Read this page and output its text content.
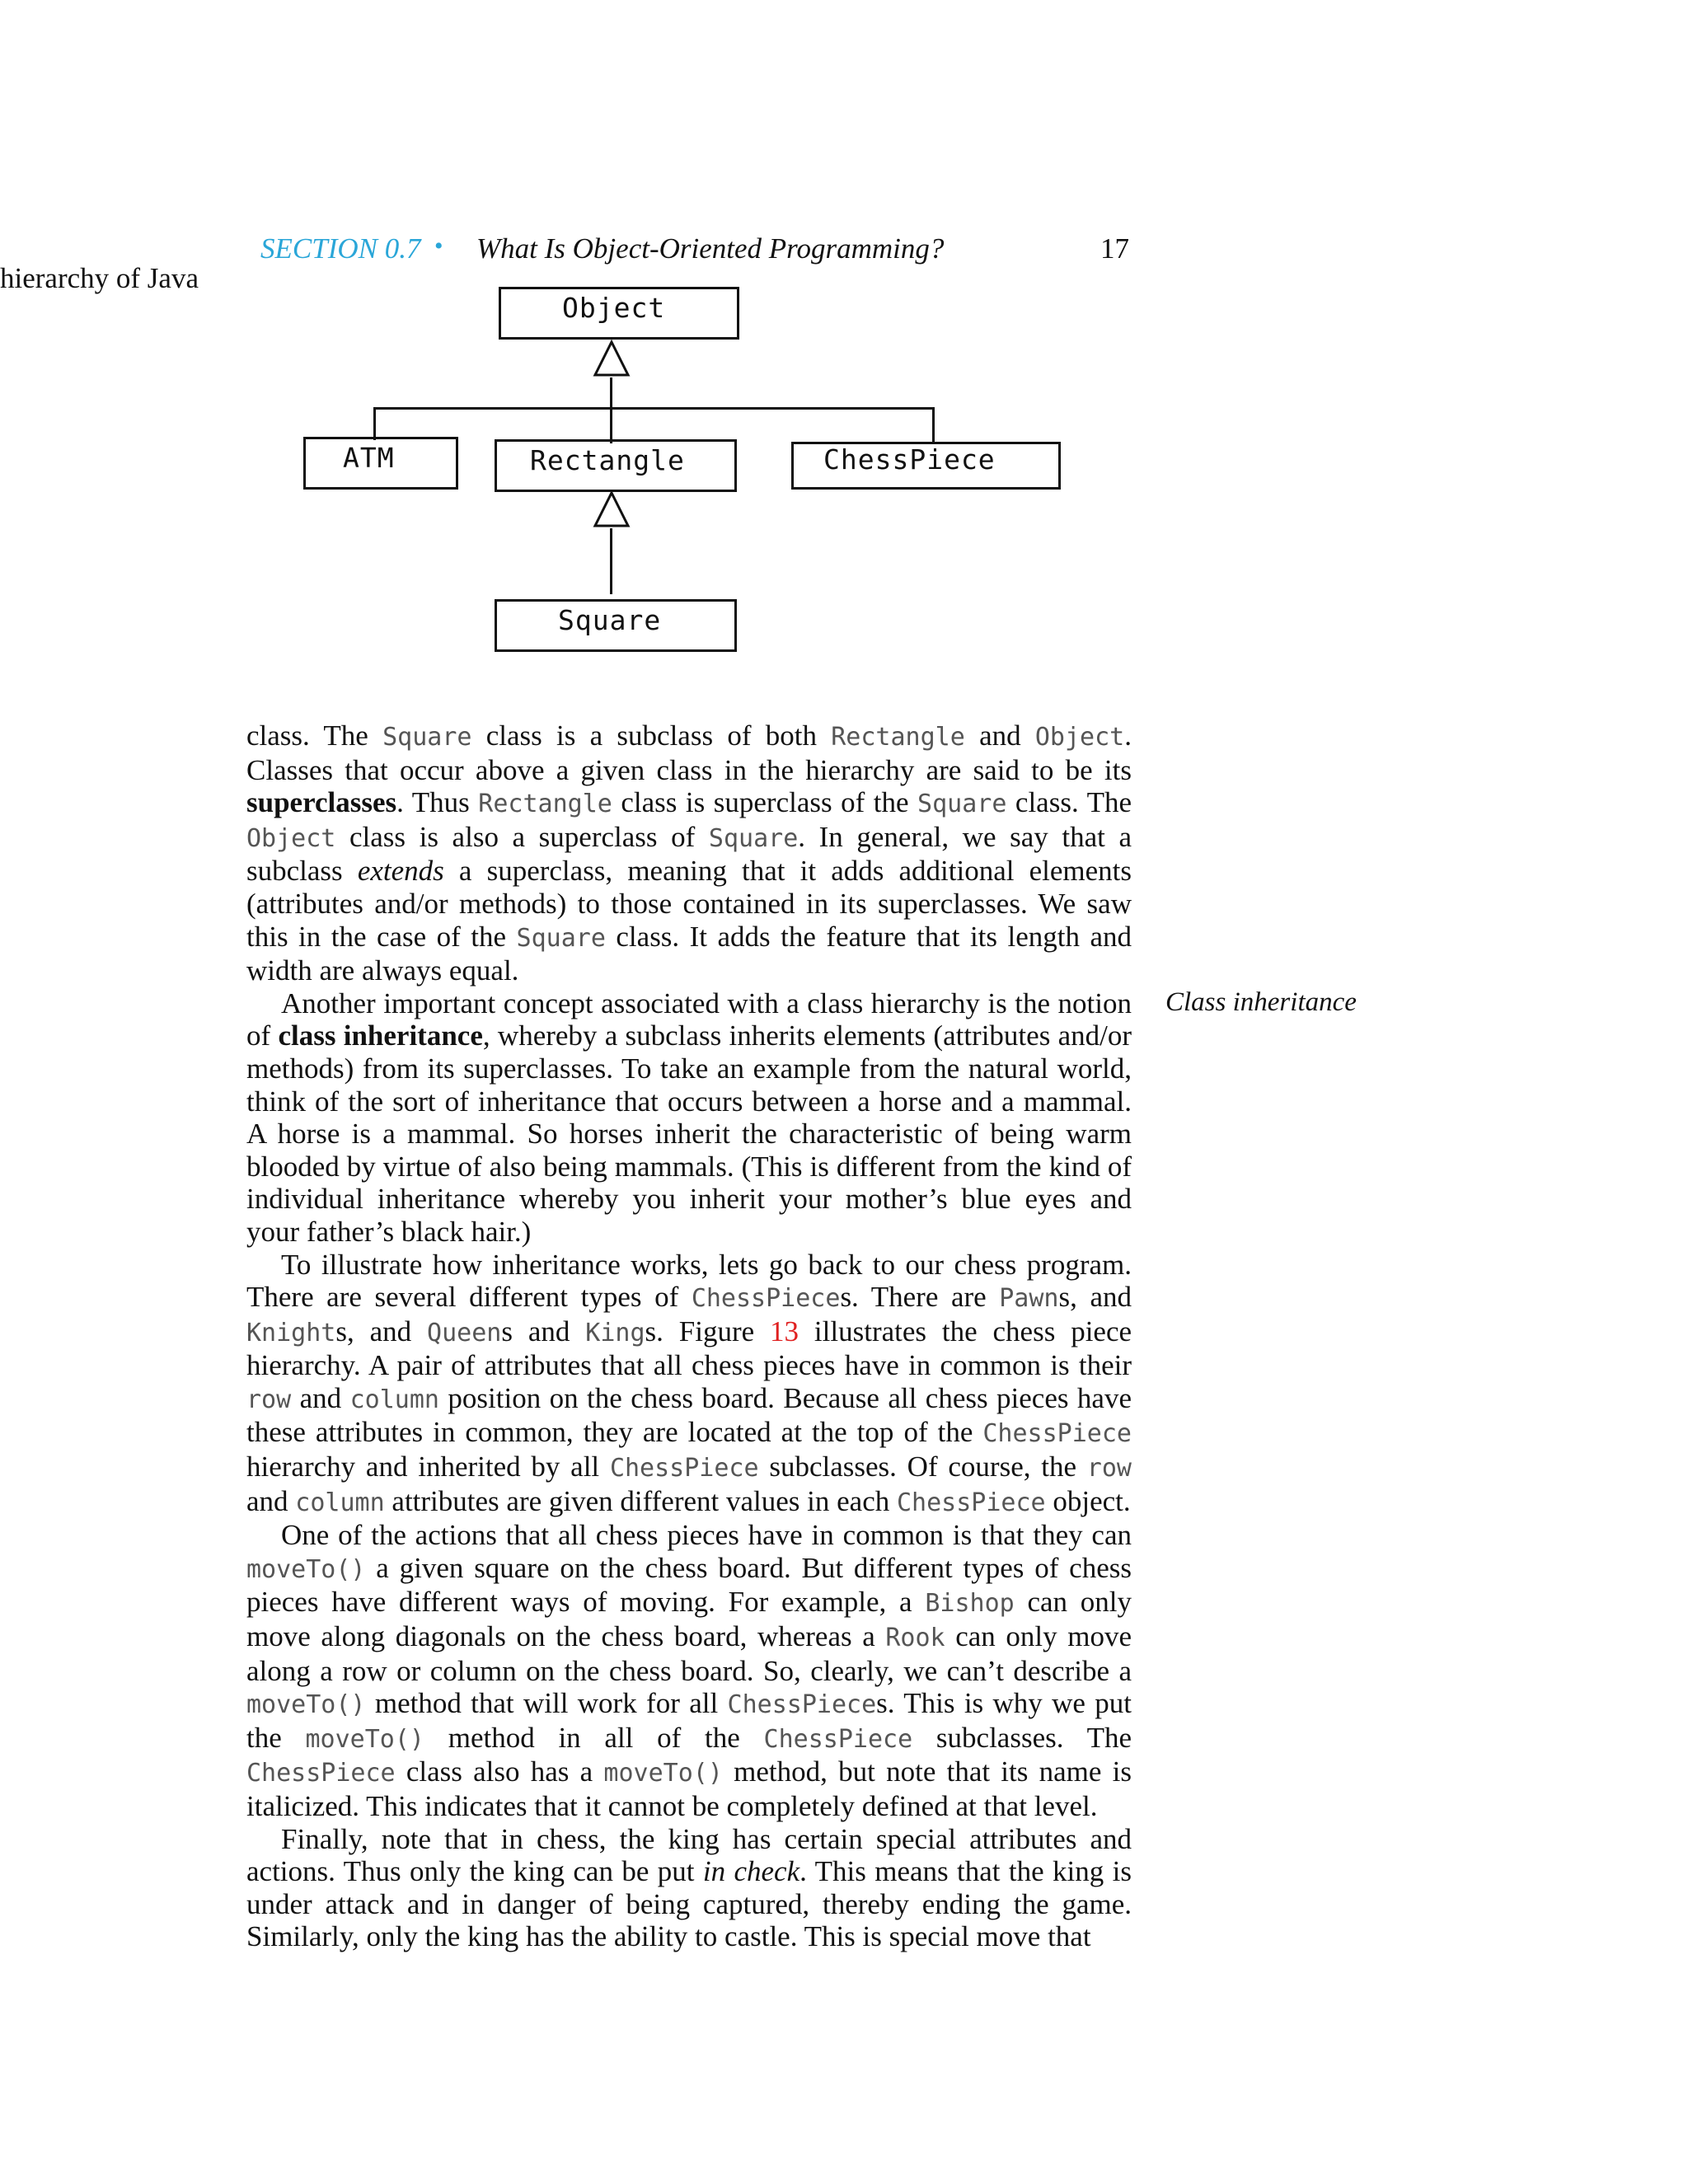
hierarchy of Java
SECTION 0.7 • What Is Object-Oriented Programming?	17
Object
ATM	Rectangle	ChessPiece
Square
Class inheritance

class. The Square class is a subclass of both Rectangle and Object. Classes that occur above a given class in the hierarchy are said to be its superclasses. Thus Rectangle class is superclass of the Square class. The Object class is also a superclass of Square. In general, we say that a subclass extends a superclass, meaning that it adds additional elements (attributes and/or methods) to those contained in its superclasses. We saw this in the case of the Square class. It adds the feature that its length and width are always equal.

Another important concept associated with a class hierarchy is the notion of class inheritance, whereby a subclass inherits elements (attributes and/or methods) from its superclasses. To take an example from the natural world, think of the sort of inheritance that occurs between a horse and a mammal. A horse is a mammal. So horses inherit the characteristic of being warm blooded by virtue of also being mammals. (This is different from the kind of individual inheritance whereby you inherit your mother’s blue eyes and your father’s black hair.)

To illustrate how inheritance works, lets go back to our chess program. There are several different types of ChessPieces. There are Pawns, and Knights, and Queens and Kings. Figure 13 illustrates the chess piece hierarchy. A pair of attributes that all chess pieces have in common is their row and column position on the chess board. Because all chess pieces have these attributes in common, they are located at the top of the ChessPiece hierarchy and inherited by all ChessPiece subclasses. Of course, the row and column attributes are given different values in each ChessPiece object.

One of the actions that all chess pieces have in common is that they can moveTo() a given square on the chess board. But different types of chess pieces have different ways of moving. For example, a Bishop can only move along diagonals on the chess board, whereas a Rook can only move along a row or column on the chess board. So, clearly, we can’t describe a moveTo() method that will work for all ChessPieces. This is why we put the moveTo() method in all of the ChessPiece subclasses. The ChessPiece class also has a moveTo() method, but note that its name is italicized. This indicates that it cannot be completely defined at that level.

Finally, note that in chess, the king has certain special attributes and actions. Thus only the king can be put in check. This means that the king is under attack and in danger of being captured, thereby ending the game. Similarly, only the king has the ability to castle. This is special move that
